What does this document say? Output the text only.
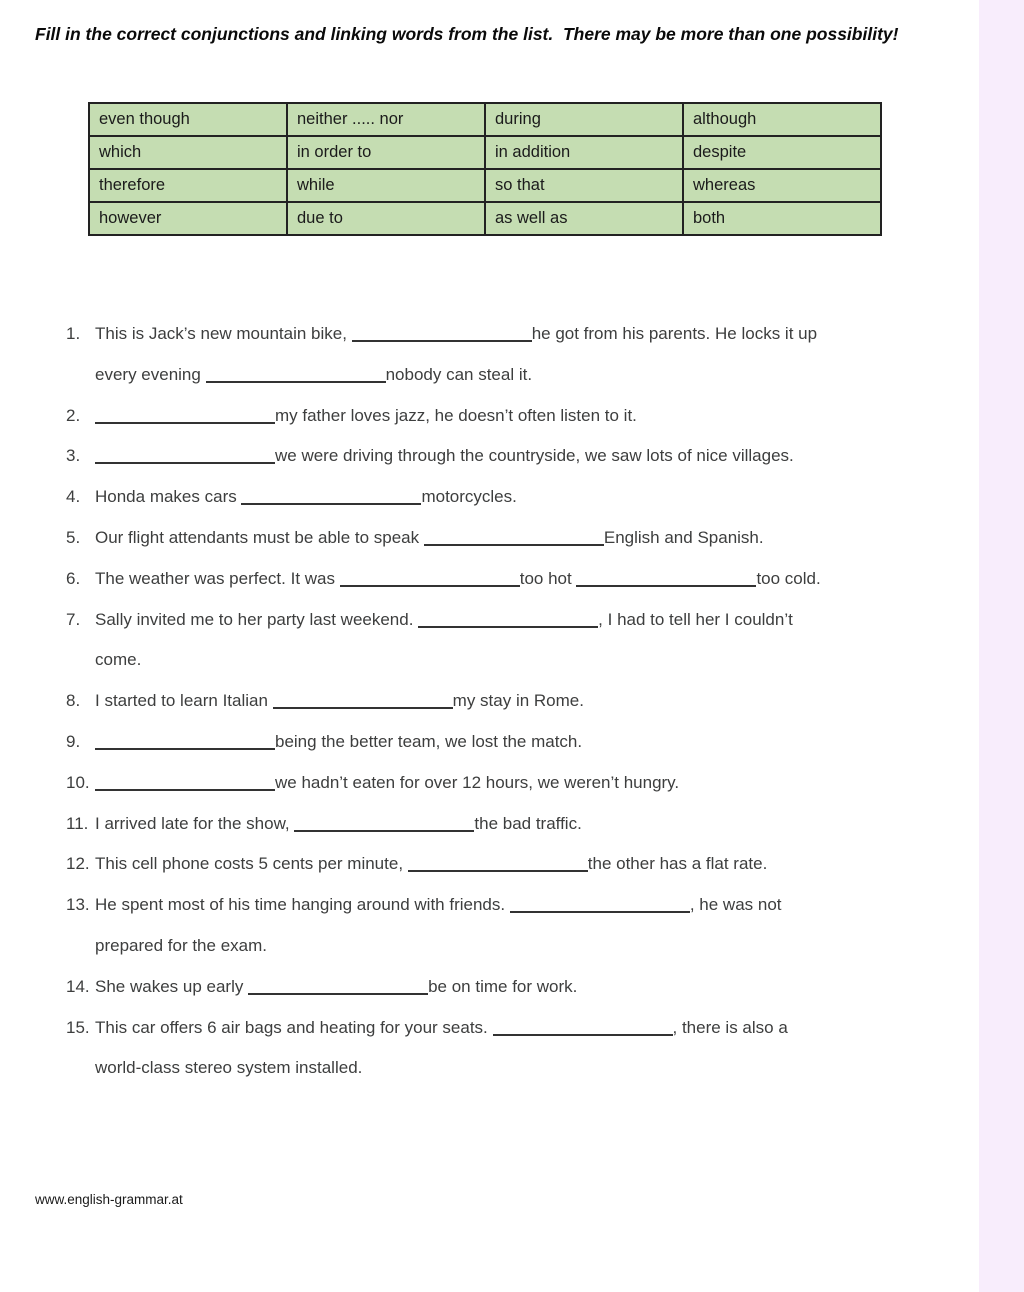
Fill in the correct conjunctions and linking words from the list.  There may be more than one possibility!
even though	neither ..... nor	during	although
which	in order to	in addition	despite
therefore	while	so that	whereas
however	due to	as well as	both
1. This is Jack’s new mountain bike,	he got from his parents. He locks it up
every evening	nobody can steal it.
2.	my father loves jazz, he doesn’t often listen to it.
3.	we were driving through the countryside, we saw lots of nice villages.
4. Honda makes cars	motorcycles.
5. Our flight attendants must be able to speak	English and Spanish.
6. The weather was perfect. It was	too hot	too cold.
7. Sally invited me to her party last weekend.	, I had to tell her I couldn’t
come.
8. I started to learn Italian	my stay in Rome.
9.	being the better team, we lost the match.
10.	we hadn’t eaten for over 12 hours, we weren’t hungry.
11. I arrived late for the show,	the bad traffic.
12. This cell phone costs 5 cents per minute,	the other has a flat rate.
13. He spent most of his time hanging around with friends.	, he was not
prepared for the exam.
14. She wakes up early	be on time for work.
15. This car offers 6 air bags and heating for your seats.	, there is also a
world-class stereo system installed.
www.english-grammar.at
